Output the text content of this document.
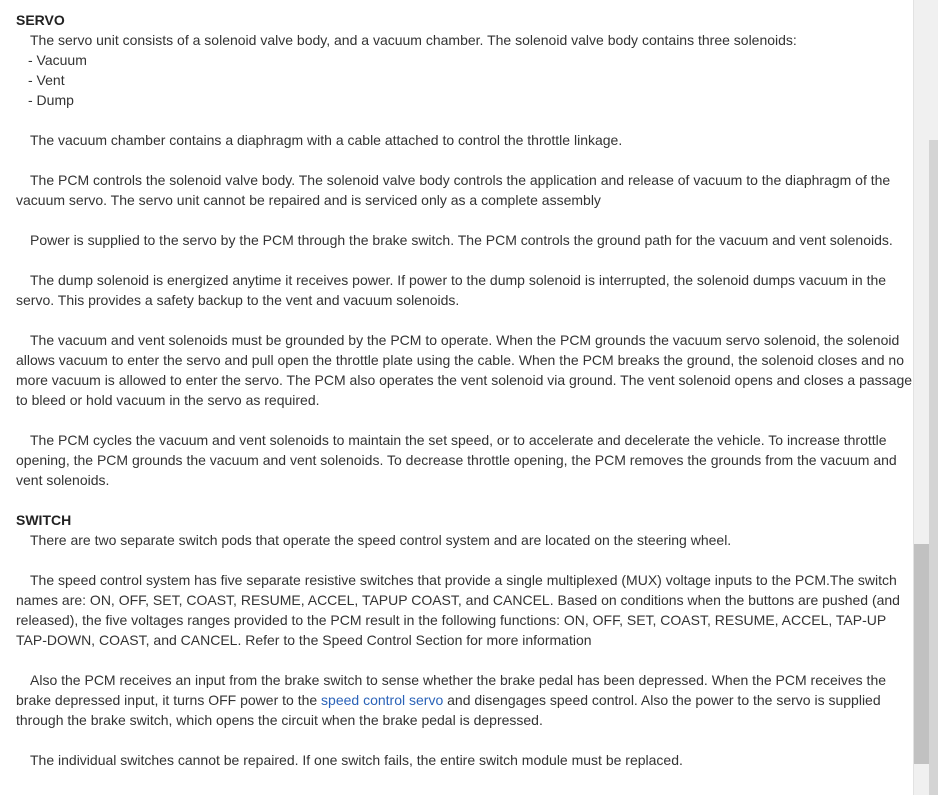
SERVO
The servo unit consists of a solenoid valve body, and a vacuum chamber. The solenoid valve body contains three solenoids:
- Vacuum
- Vent
- Dump
The vacuum chamber contains a diaphragm with a cable attached to control the throttle linkage.
The PCM controls the solenoid valve body. The solenoid valve body controls the application and release of vacuum to the diaphragm of the vacuum servo. The servo unit cannot be repaired and is serviced only as a complete assembly
Power is supplied to the servo by the PCM through the brake switch. The PCM controls the ground path for the vacuum and vent solenoids.
The dump solenoid is energized anytime it receives power. If power to the dump solenoid is interrupted, the solenoid dumps vacuum in the servo. This provides a safety backup to the vent and vacuum solenoids.
The vacuum and vent solenoids must be grounded by the PCM to operate. When the PCM grounds the vacuum servo solenoid, the solenoid allows vacuum to enter the servo and pull open the throttle plate using the cable. When the PCM breaks the ground, the solenoid closes and no more vacuum is allowed to enter the servo. The PCM also operates the vent solenoid via ground. The vent solenoid opens and closes a passage to bleed or hold vacuum in the servo as required.
The PCM cycles the vacuum and vent solenoids to maintain the set speed, or to accelerate and decelerate the vehicle. To increase throttle opening, the PCM grounds the vacuum and vent solenoids. To decrease throttle opening, the PCM removes the grounds from the vacuum and vent solenoids.
SWITCH
There are two separate switch pods that operate the speed control system and are located on the steering wheel.
The speed control system has five separate resistive switches that provide a single multiplexed (MUX) voltage inputs to the PCM.The switch names are: ON, OFF, SET, COAST, RESUME, ACCEL, TAPUP COAST, and CANCEL. Based on conditions when the buttons are pushed (and released), the five voltages ranges provided to the PCM result in the following functions: ON, OFF, SET, COAST, RESUME, ACCEL, TAP-UP TAP-DOWN, COAST, and CANCEL. Refer to the Speed Control Section for more information
Also the PCM receives an input from the brake switch to sense whether the brake pedal has been depressed. When the PCM receives the brake depressed input, it turns OFF power to the speed control servo and disengages speed control. Also the power to the servo is supplied through the brake switch, which opens the circuit when the brake pedal is depressed.
The individual switches cannot be repaired. If one switch fails, the entire switch module must be replaced.
